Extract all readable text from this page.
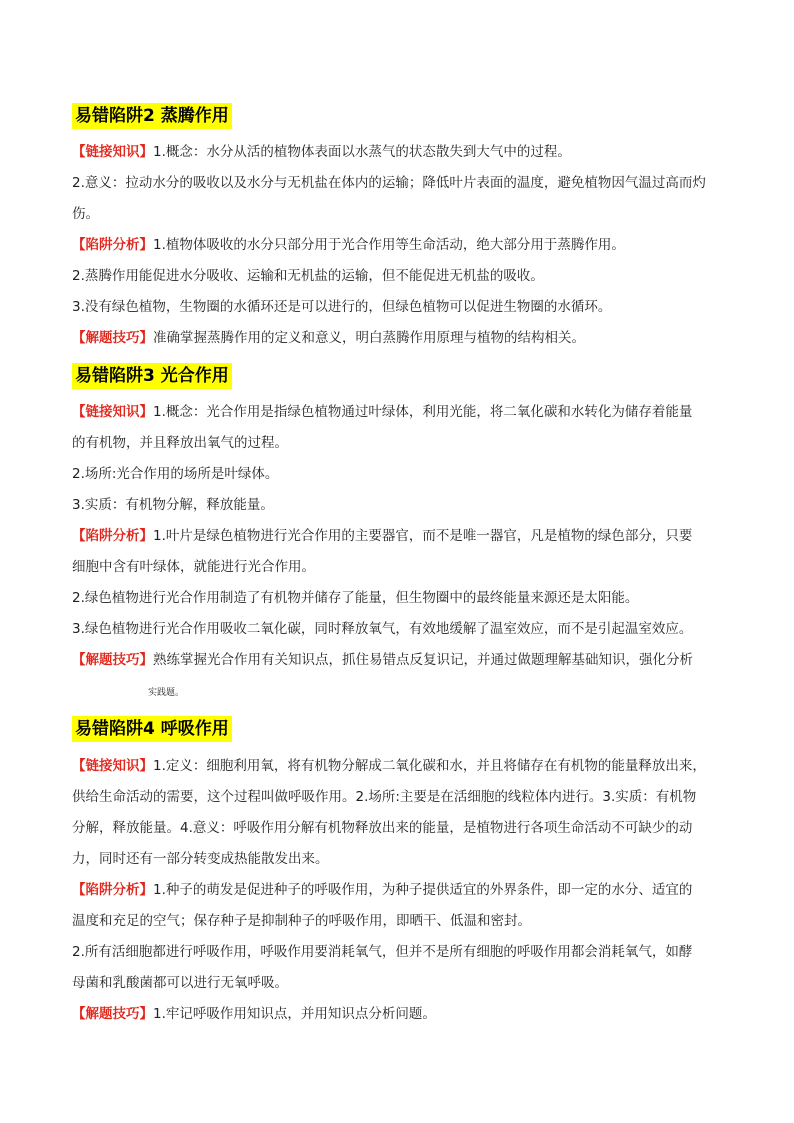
易错陷阱2 蒸腾作用
【链接知识】1.概念：水分从活的植物体表面以水蒸气的状态散失到大气中的过程。
2.意义：拉动水分的吸收以及水分与无机盐在体内的运输；降低叶片表面的温度，避免植物因气温过高而灼
伤。
【陷阱分析】1.植物体吸收的水分只部分用于光合作用等生命活动，绝大部分用于蒸腾作用。
2.蒸腾作用能促进水分吸收、运输和无机盐的运输，但不能促进无机盐的吸收。
3.没有绿色植物，生物圈的水循环还是可以进行的，但绿色植物可以促进生物圈的水循环。
【解题技巧】准确掌握蒸腾作用的定义和意义，明白蒸腾作用原理与植物的结构相关。
易错陷阱3 光合作用
【链接知识】1.概念：光合作用是指绿色植物通过叶绿体，利用光能，将二氧化碳和水转化为储存着能量
的有机物，并且释放出氧气的过程。
2.场所:光合作用的场所是叶绿体。
3.实质：有机物分解，释放能量。
【陷阱分析】1.叶片是绿色植物进行光合作用的主要器官，而不是唯一器官，凡是植物的绿色部分，只要
细胞中含有叶绿体，就能进行光合作用。
2.绿色植物进行光合作用制造了有机物并储存了能量，但生物圈中的最终能量来源还是太阳能。
3.绿色植物进行光合作用吸收二氧化碳，同时释放氧气，有效地缓解了温室效应，而不是引起温室效应。
【解题技巧】熟练掌握光合作用有关知识点，抓住易错点反复识记，并通过做题理解基础知识，强化分析
实践题。
易错陷阱4 呼吸作用
【链接知识】1.定义：细胞利用氧，将有机物分解成二氧化碳和水，并且将储存在有机物的能量释放出来，
供给生命活动的需要，这个过程叫做呼吸作用。2.场所:主要是在活细胞的线粒体内进行。3.实质：有机物
分解，释放能量。4.意义：呼吸作用分解有机物释放出来的能量，是植物进行各项生命活动不可缺少的动
力，同时还有一部分转变成热能散发出来。
【陷阱分析】1.种子的萌发是促进种子的呼吸作用，为种子提供适宜的外界条件，即一定的水分、适宜的
温度和充足的空气；保存种子是抑制种子的呼吸作用，即晒干、低温和密封。
2.所有活细胞都进行呼吸作用，呼吸作用要消耗氧气，但并不是所有细胞的呼吸作用都会消耗氧气，如酵
母菌和乳酸菌都可以进行无氧呼吸。
【解题技巧】1.牢记呼吸作用知识点，并用知识点分析问题。
